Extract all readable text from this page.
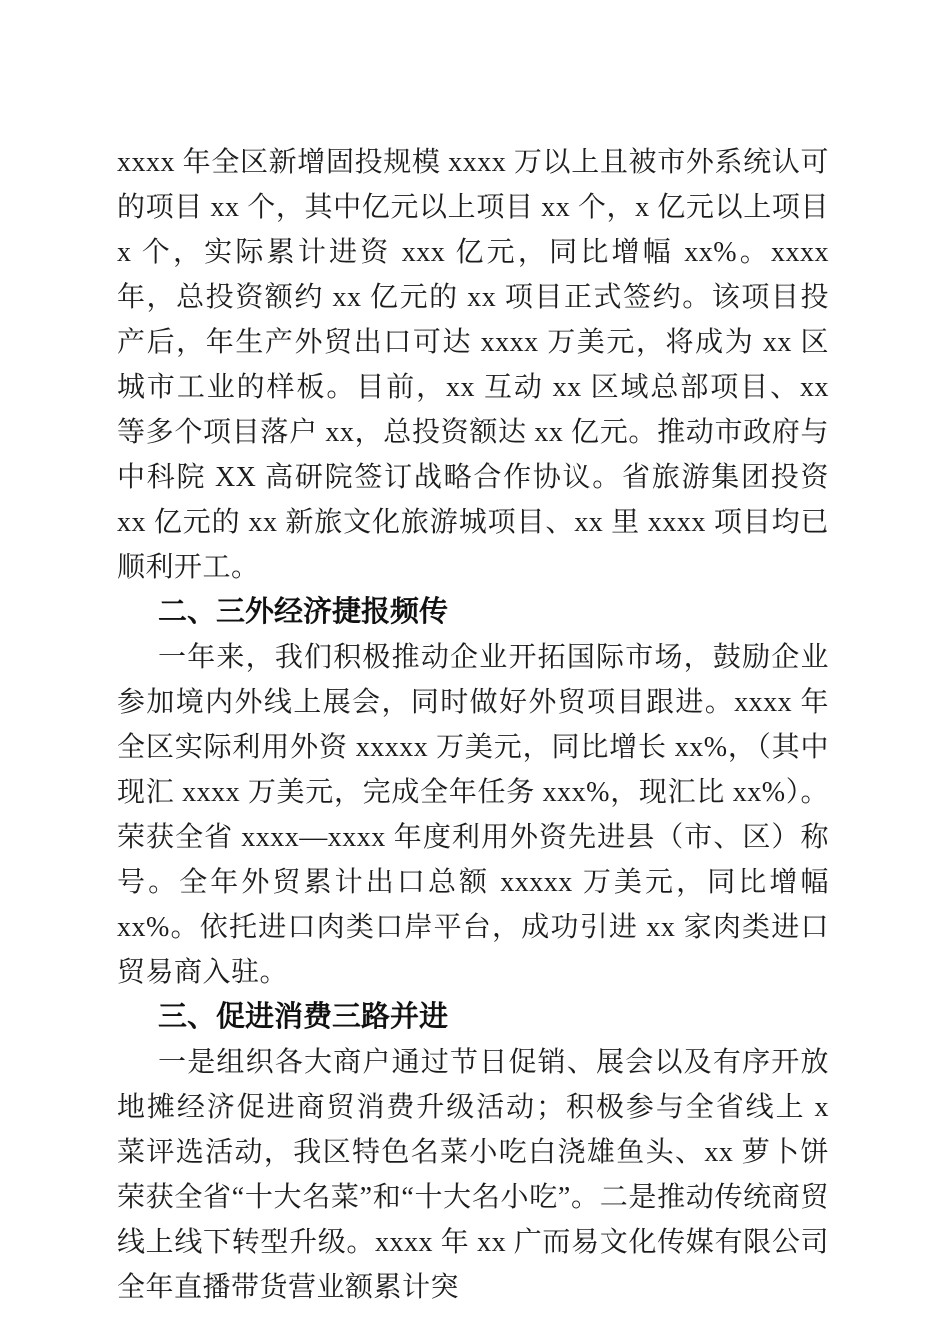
xxxx 年全区新增固投规模 xxxx 万以上且被市外系统认可的项目 xx 个，其中亿元以上项目 xx 个，x 亿元以上项目 x 个，实际累计进资 xxx 亿元，同比增幅 xx%。xxxx 年，总投资额约 xx 亿元的 xx 项目正式签约。该项目投产后，年生产外贸出口可达 xxxx 万美元，将成为 xx 区城市工业的样板。目前，xx 互动 xx 区域总部项目、xx 等多个项目落户 xx，总投资额达 xx 亿元。推动市政府与中科院 XX 高研院签订战略合作协议。省旅游集团投资 xx 亿元的 xx 新旅文化旅游城项目、xx 里 xxxx 项目均已顺利开工。

二、三外经济捷报频传

一年来，我们积极推动企业开拓国际市场，鼓励企业参加境内外线上展会，同时做好外贸项目跟进。xxxx 年全区实际利用外资 xxxxx 万美元，同比增长 xx%，（其中现汇 xxxx 万美元，完成全年任务 xxx%，现汇比 xx%）。荣获全省 xxxx—xxxx 年度利用外资先进县（市、区）称号。全年外贸累计出口总额 xxxxx 万美元，同比增幅 xx%。依托进口肉类口岸平台，成功引进 xx 家肉类进口贸易商入驻。

三、促进消费三路并进

一是组织各大商户通过节日促销、展会以及有序开放地摊经济促进商贸消费升级活动；积极参与全省线上 x 菜评选活动，我区特色名菜小吃白浇雄鱼头、xx 萝卜饼荣获全省“十大名菜”和“十大名小吃”。二是推动传统商贸线上线下转型升级。xxxx 年 xx 广而易文化传媒有限公司全年直播带货营业额累计突
